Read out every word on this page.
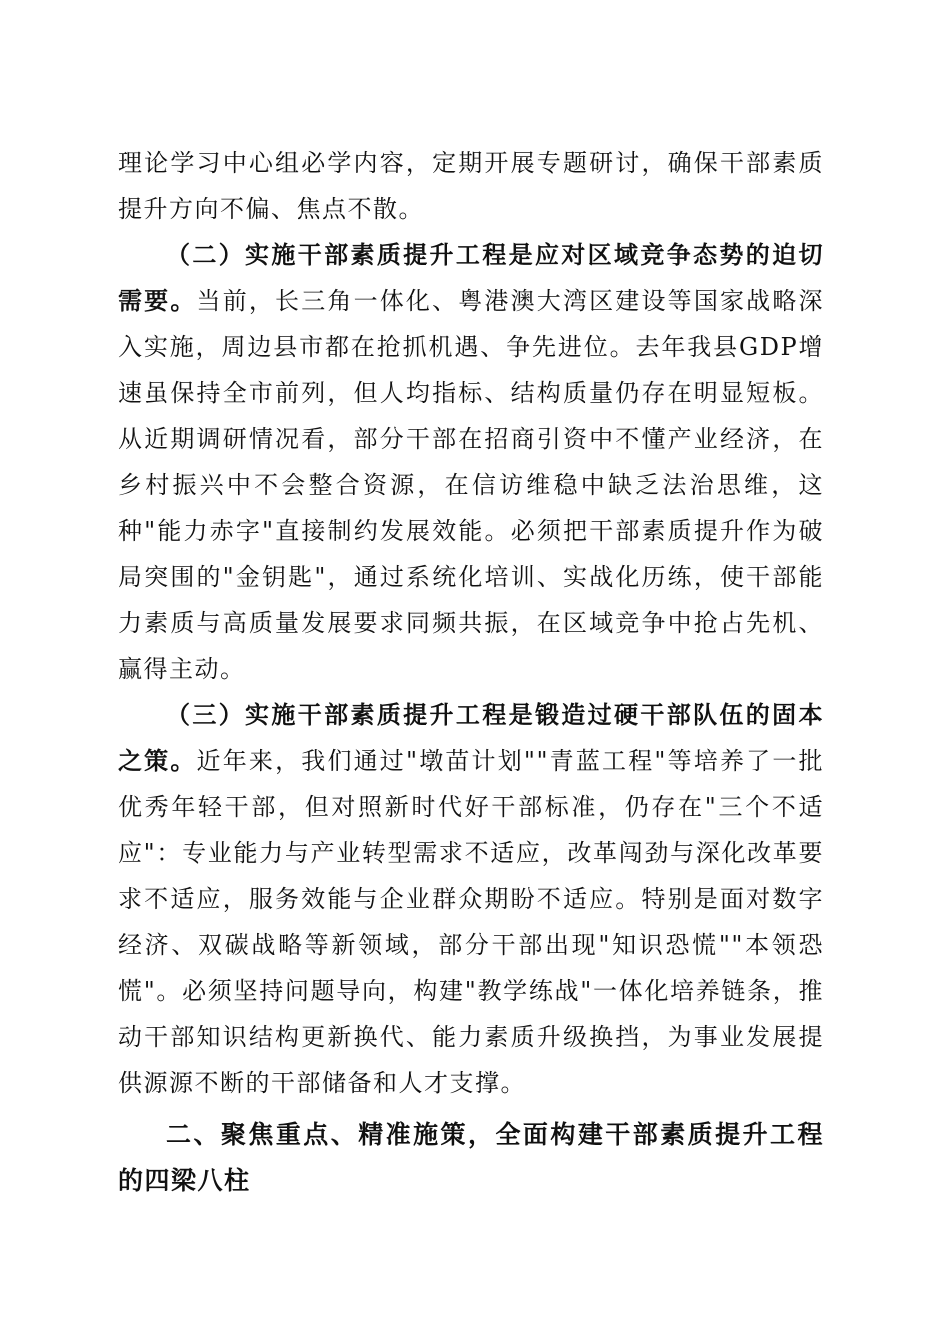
理论学习中心组必学内容，定期开展专题研讨，确保干部素质提升方向不偏、焦点不散。

（二）实施干部素质提升工程是应对区域竞争态势的迫切需要。当前，长三角一体化、粤港澳大湾区建设等国家战略深入实施，周边县市都在抢抓机遇、争先进位。去年我县GDP增速虽保持全市前列，但人均指标、结构质量仍存在明显短板。从近期调研情况看，部分干部在招商引资中不懂产业经济，在乡村振兴中不会整合资源，在信访维稳中缺乏法治思维，这种"能力赤字"直接制约发展效能。必须把干部素质提升作为破局突围的"金钥匙"，通过系统化培训、实战化历练，使干部能力素质与高质量发展要求同频共振，在区域竞争中抢占先机、赢得主动。

（三）实施干部素质提升工程是锻造过硬干部队伍的固本之策。近年来，我们通过"墩苗计划""青蓝工程"等培养了一批优秀年轻干部，但对照新时代好干部标准，仍存在"三个不适应"：专业能力与产业转型需求不适应，改革闯劲与深化改革要求不适应，服务效能与企业群众期盼不适应。特别是面对数字经济、双碳战略等新领域，部分干部出现"知识恐慌""本领恐慌"。必须坚持问题导向，构建"教学练战"一体化培养链条，推动干部知识结构更新换代、能力素质升级换挡，为事业发展提供源源不断的干部储备和人才支撑。

二、聚焦重点、精准施策，全面构建干部素质提升工程的四梁八柱
